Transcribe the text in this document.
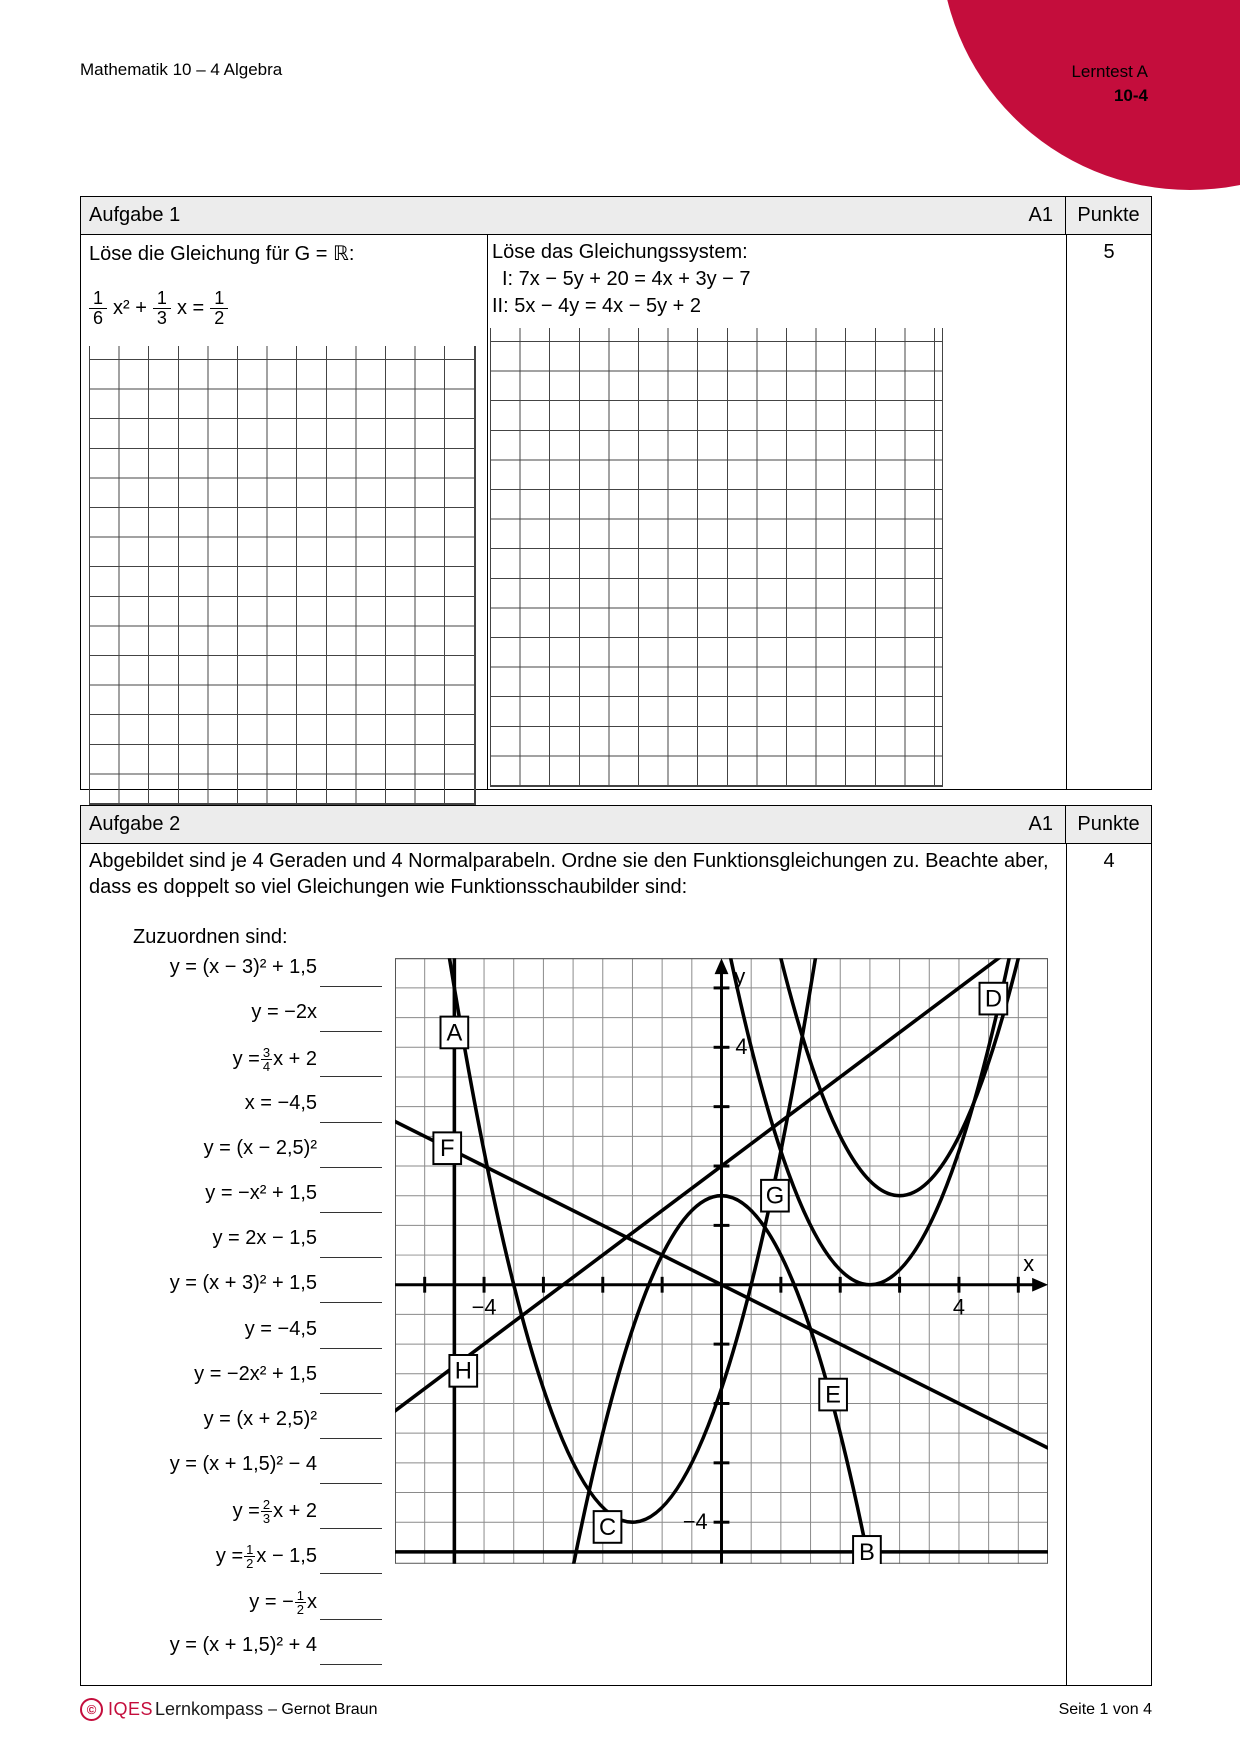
Lerntest A
10-4
Mathematik 10 – 4 Algebra
Aufgabe 1	A1	Punkte
Löse die Gleichung für G = ℝ:
$\frac{1}{6} x^2 + \frac{1}{3}$ $x = \frac{1}{2}$
Löse das Gleichungssystem:
I: 7x − 5y + 20 = 4x + 3y − 7
II: 5x − 4y = 4x − 5y + 2
5
Aufgabe 2	A1	Punkte
Abgebildet sind je 4 Geraden und 4 Normalparabeln. Ordne sie den Funktionsgleichungen zu. Beachte aber, dass es doppelt so viel Gleichungen wie Funktionsschaubilder sind:
Zuzuordnen sind:
y = (x − 3)² + 1,5
y = −2x
$y = \frac{3}{4}$ x + 2
x = −4,5
y = (x − 2,5)²
y = −x² + 1,5
y = 2x − 1,5
y = (x + 3)² + 1,5
y = −4,5
y = −2x² + 1,5
y = (x + 2,5)²
y = (x + 1,5)² − 4
$y = \frac{2}{3}$ x + 2
$y = \frac{1}{2}$ x − 1,5
y = − $\frac{1}{2}$ x
y = (x + 1,5)² + 4
y
x
−4	4
4
−4
A
B
C
D
E
F
G
H
4
© IQES Lernkompass – Gernot Braun	Seite 1 von 4
